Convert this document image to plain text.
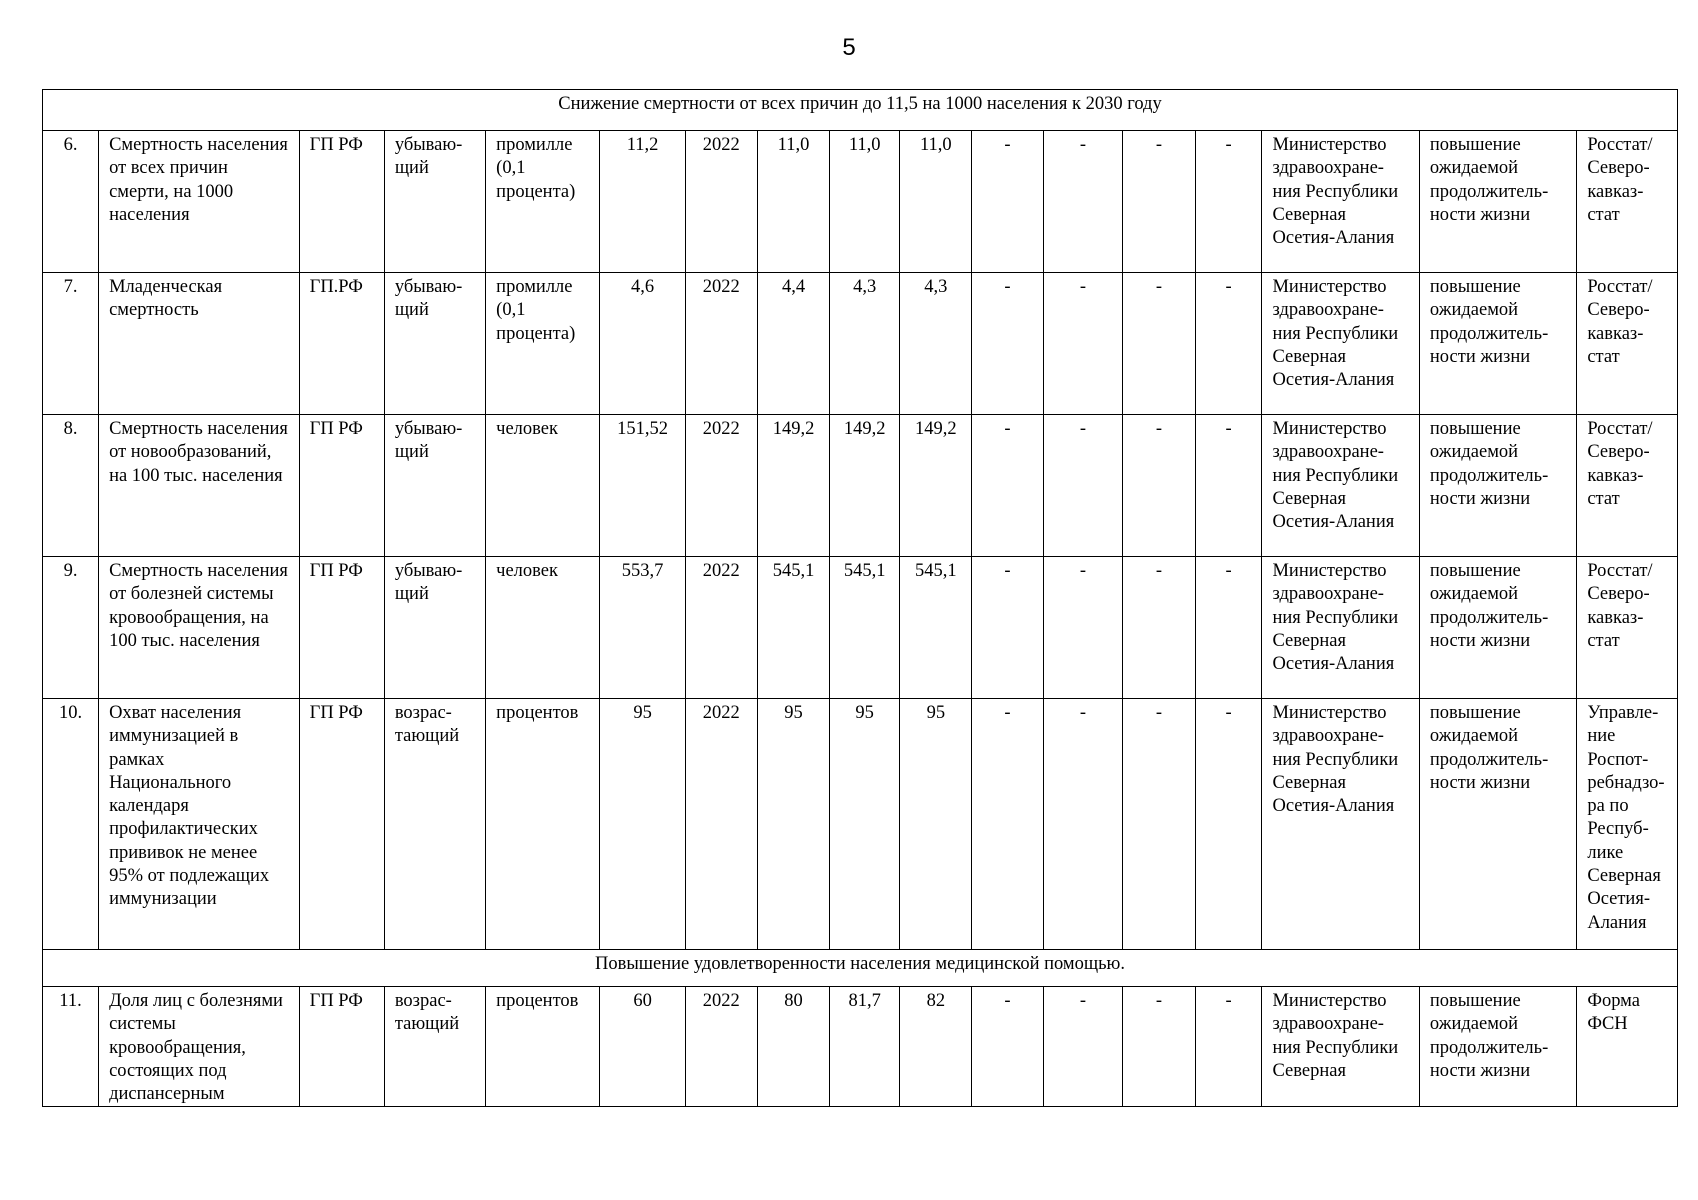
5
Снижение смертности от всех причин до 11,5 на 1000 населения к 2030 году																
6.	Смертность населения от всех причин смерти, на 1000 населения	ГП РФ	убываю-щий	промилле (0,1 процента)	11,2	2022	11,0	11,0	11,0	-	-	-	-	Министерство здравоохране-ния Республики Северная Осетия-Алания	повышение ожидаемой продолжитель-ности жизни	Росстат/ Северо-кавказ-стат
7.	Младенческая смертность	ГП.РФ	убываю-щий	промилле (0,1 процента)	4,6	2022	4,4	4,3	4,3	-	-	-	-	Министерство здравоохране-ния Республики Северная Осетия-Алания	повышение ожидаемой продолжитель-ности жизни	Росстат/ Северо-кавказ-стат
8.	Смертность населения от новообразований, на 100 тыс. населения	ГП РФ	убываю-щий	человек	151,52	2022	149,2	149,2	149,2	-	-	-	-	Министерство здравоохране-ния Республики Северная Осетия-Алания	повышение ожидаемой продолжитель-ности жизни	Росстат/ Северо-кавказ-стат
9.	Смертность населения от болезней системы кровообращения, на 100 тыс. населения	ГП РФ	убываю-щий	человек	553,7	2022	545,1	545,1	545,1	-	-	-	-	Министерство здравоохране-ния Республики Северная Осетия-Алания	повышение ожидаемой продолжитель-ности жизни	Росстат/ Северо-кавказ-стат
10.	Охват населения иммунизацией в рамках Национального календаря профилактических прививок не менее 95% от подлежащих иммунизации	ГП РФ	возрас-тающий	процентов	95	2022	95	95	95	-	-	-	-	Министерство здравоохране-ния Республики Северная Осетия-Алания	повышение ожидаемой продолжитель-ности жизни	Управле-ние Роспот-ребнадзо-ра по Респуб-лике Северная Осетия-Алания
Повышение удовлетворенности населения медицинской помощью.																
11.	Доля лиц с болезнями системы кровообращения, состоящих под диспансерным	ГП РФ	возрас-тающий	процентов	60	2022	80	81,7	82	-	-	-	-	Министерство здравоохране-ния Республики Северная	повышение ожидаемой продолжитель-ности жизни	Форма ФСН
